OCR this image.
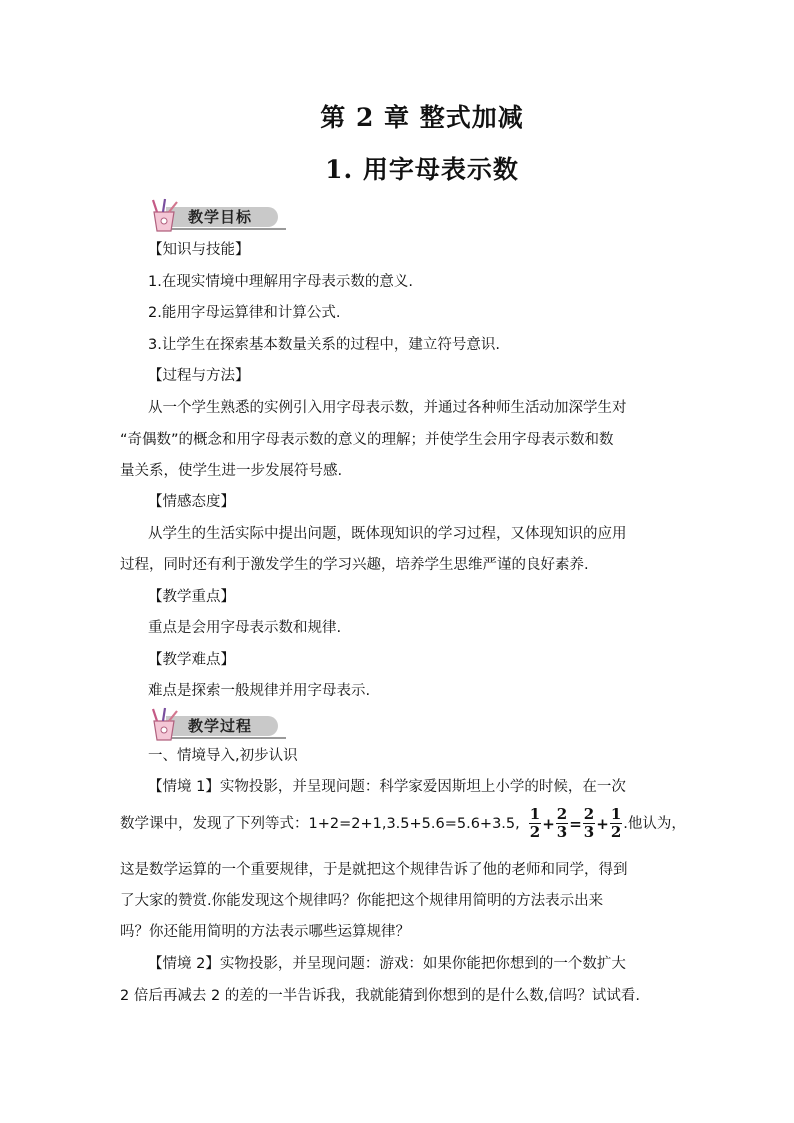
第 2 章 整式加减
1. 用字母表示数
教学目标
【知识与技能】
1.在现实情境中理解用字母表示数的意义.
2.能用字母运算律和计算公式.
3.让学生在探索基本数量关系的过程中，建立符号意识.
【过程与方法】
从一个学生熟悉的实例引入用字母表示数，并通过各种师生活动加深学生对
“奇偶数”的概念和用字母表示数的意义的理解；并使学生会用字母表示数和数
量关系，使学生进一步发展符号感.
【情感态度】
从学生的生活实际中提出问题，既体现知识的学习过程，又体现知识的应用
过程，同时还有利于激发学生的学习兴趣，培养学生思维严谨的良好素养.
【教学重点】
重点是会用字母表示数和规律.
【教学难点】
难点是探索一般规律并用字母表示.
教学过程
一、情境导入,初步认识
【情境 1】实物投影，并呈现问题：科学家爱因斯坦上小学的时候，在一次
数学课中，发现了下列等式：1+2=2+1,3.5+5.6=5.6+3.5, $\frac{1}{2} + \frac{2}{3} = \frac{2}{3} + \frac{1}{2}$ .他认为，
这是数学运算的一个重要规律，于是就把这个规律告诉了他的老师和同学，得到
了大家的赞赏.你能发现这个规律吗？你能把这个规律用简明的方法表示出来
吗？你还能用简明的方法表示哪些运算规律？
【情境 2】实物投影，并呈现问题：游戏：如果你能把你想到的一个数扩大
2 倍后再减去 2 的差的一半告诉我，我就能猜到你想到的是什么数,信吗？试试看.
